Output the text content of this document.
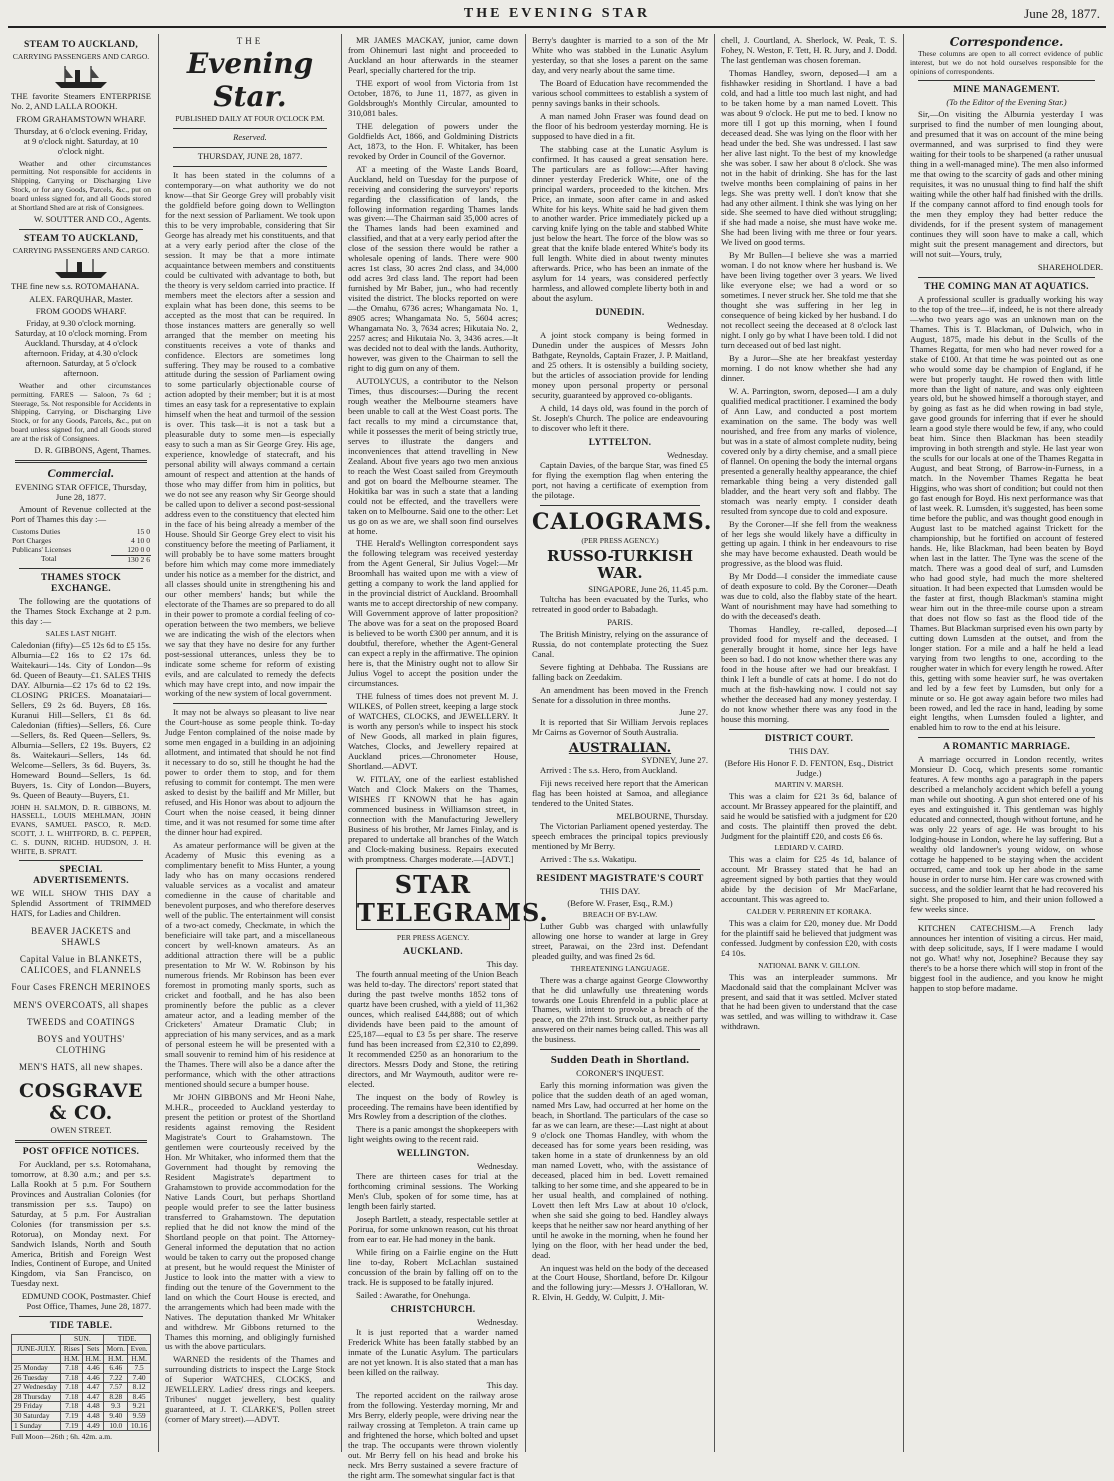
THE EVENING STAR	June 28, 1877.
STEAM TO AUCKLAND,
CARRYING PASSENGERS AND CARGO.

THE favorite Steamers ENTERPRISE No. 2, AND LALLA ROOKH.

FROM GRAHAMSTOWN WHARF.

Thursday, at 6 o'clock evening. Friday, at 9 o'clock night. Saturday, at 10 o'clock night.

Weather and other circumstances permitting. Not responsible for accidents in Shipping, Carrying or Discharging Live Stock, or for any Goods, Parcels, &c., put on board unless signed for, and all Goods stored at Shortland Shed are at risk of Consignees.

W. SOUTTER AND CO., Agents.

STEAM TO AUCKLAND,
CARRYING PASSENGERS AND CARGO.

THE fine new s.s. ROTOMAHANA.

ALEX. FARQUHAR, Master.
FROM GOODS WHARF.

Friday, at 9.30 o'clock morning. Saturday, at 10 o'clock morning. From Auckland. Thursday, at 4 o'clock afternoon. Friday, at 4.30 o'clock afternoon. Saturday, at 5 o'clock afternoon.

Weather and other circumstances permitting. FARES — Saloon, 7s 6d ; Steerage, 5s. Not responsible for Accidents in Shipping, Carrying, or Discharging Live Stock, or for any Goods, Parcels, &c., put on board unless signed for, and all Goods stored are at the risk of Consignees.

D. R. GIBBONS, Agent, Thames.

Commercial.
EVENING STAR OFFICE, Thursday, June 28, 1877.

Amount of Revenue collected at the Port of Thames this day :—

Customs Duties	15 0
Port Charges	4 10 0
Publicans' Licenses	120 0 0
Total	130 2 6
THAMES STOCK EXCHANGE.

The following are the quotations of the Thames Stock Exchange at 2 p.m. this day :—

SALES LAST NIGHT.

Caledonian (fifty)—£5 12s 6d to £5 15s. Alburnia—£2 16s to £2 17s 6d. Waitekauri—14s. City of London—9s 6d. Queen of Beauty—£1. SALES THIS DAY. Alburnia—£2 17s 6d to £2 19s. CLOSING PRICES. Moanataiari—Sellers, £9 2s 6d. Buyers, £8 16s. Kuranui Hill—Sellers, £1 8s 6d. Caledonian (fifties)—Sellers, £6. Cure—Sellers, 8s. Red Queen—Sellers, 9s. Alburnia—Sellers, £2 19s. Buyers, £2 8s. Waitekauri—Sellers, 14s 6d. Welcome—Sellers, 3s 6d. Buyers, 3s. Homeward Bound—Sellers, 1s 6d. Buyers, 1s. City of London—Buyers, 9s. Queen of Beauty—Buyers, £1.

JOHN H. SALMON, D. R. GIBBONS, M. HASSELL, LOUIS MEHLMAN, JOHN EVANS, SAMUEL PASCO, R. McD. SCOTT, J. L. WHITFORD, B. C. PEPPER, C. S. DUNN, RICHD. HUDSON, J. H. WHITE, B. SPRATT.

SPECIAL ADVERTISEMENTS.

WE WILL SHOW THIS DAY a Splendid Assortment of TRIMMED HATS, for Ladies and Children.

BEAVER JACKETS and SHAWLS
Capital Value in BLANKETS, CALICOES, and FLANNELS
Four Cases FRENCH MERINOES
MEN'S OVERCOATS, all shapes
TWEEDS and COATINGS
BOYS and YOUTHS' CLOTHING
MEN'S HATS, all new shapes.
COSGRAVE & CO.
OWEN STREET.
POST OFFICE NOTICES.

For Auckland, per s.s. Rotomahana, tomorrow, at 8.30 a.m.; and per s.s. Lalla Rookh at 5 p.m. For Southern Provinces and Australian Colonies (for transmission per s.s. Taupo) on Saturday, at 5 p.m. For Australian Colonies (for transmission per s.s. Rotorua), on Monday next. For Sandwich Islands, North and South America, British and Foreign West Indies, Continent of Europe, and United Kingdom, via San Francisco, on Tuesday next.

EDMUND COOK, Postmaster. Chief Post Office, Thames, June 28, 1877.

TIDE TABLE.
	SUN.		TIDE.	
JUNE-JULY.	Rises	Sets	Morn.	Even.
	H.M.	H.M.	H.M.	H.M.
25 Monday	7.18	4.46	6.46	7.5
26 Tuesday	7.18	4.46	7.22	7.40
27 Wednesday	7.18	4.47	7.57	8.12
28 Thursday	7.18	4.47	8.28	8.45
29 Friday	7.18	4.48	9.3	9.21
30 Saturday	7.19	4.48	9.40	9.59
1 Sunday	7.19	4.49	10.0	10.16

Full Moon—26th ; 6h. 42m. a.m.

THE
Evening Star.
PUBLISHED DAILY AT FOUR O'CLOCK P.M.
Reserved.
THURSDAY, JUNE 28, 1877.

It has been stated in the columns of a contemporary—on what authority we do not know—that Sir George Grey will probably visit the goldfield before going down to Wellington for the next session of Parliament. We took upon this to be very improbable, considering that Sir George has already met his constituents, and that at a very early period after the close of the session. It may be that a more intimate acquaintance between members and constituents could be cultivated with advantage to both, but the theory is very seldom carried into practice. If members meet the electors after a session and explain what has been done, this seems to be accepted as the most that can be required. In those instances matters are generally so well arranged that the member on meeting his constituents receives a vote of thanks and confidence. Electors are sometimes long suffering. They may be roused to a combative attitude during the session of Parliament owing to some particularly objectionable course of action adopted by their member; but it is at most times an easy task for a representative to explain himself when the heat and turmoil of the session is over. This task—it is not a task but a pleasurable duty to some men—is especially easy to such a man as Sir George Grey. His age, experience, knowledge of statecraft, and his personal ability will always command a certain amount of respect and attention at the hands of those who may differ from him in politics, but we do not see any reason why Sir George should be called upon to deliver a second post-sessional address even to the constituency that elected him in the face of his being already a member of the House. Should Sir George Grey elect to visit his constituency before the meeting of Parliament, it will probably be to have some matters brought before him which may come more immediately under his notice as a member for the district, and all classes should unite in strengthening his and our other members' hands; but while the electorate of the Thames are so prepared to do all in their power to promote a cordial feeling of co-operation between the two members, we believe we are indicating the wish of the electors when we say that they have no desire for any further post-sessional utterances, unless they be to indicate some scheme for reform of existing evils, and are calculated to remedy the defects which may have crept into, and now impair the working of the new system of local government.

It may not be always so pleasant to live near the Court-house as some people think. To-day Judge Fenton complained of the noise made by some men engaged in a building in an adjoining allotment, and intimated that should he not find it necessary to do so, still he thought he had the power to order them to stop, and for them refusing to commit for contempt. The men were asked to desist by the bailiff and Mr Miller, but refused, and His Honor was about to adjourn the Court when the noise ceased, it being dinner time, and it was not resumed for some time after the dinner hour had expired.

As amateur performance will be given at the Academy of Music this evening as a complimentary benefit to Miss Hunter, a young lady who has on many occasions rendered valuable services as a vocalist and amateur comedienne in the cause of charitable and benevolent purposes, and who therefore deserves well of the public. The entertainment will consist of a two-act comedy, Checkmate, in which the beneficiaire will take part, and a miscellaneous concert by well-known amateurs. As an additional attraction there will be a public presentation to Mr W. W. Robinson by his numerous friends. Mr Robinson has been ever foremost in promoting manly sports, such as cricket and football, and he has also been prominently before the public as a clever amateur actor, and a leading member of the Cricketers' Amateur Dramatic Club; in appreciation of his many services, and as a mark of personal esteem he will be presented with a small souvenir to remind him of his residence at the Thames. There will also be a dance after the performance, which with the other attractions mentioned should secure a bumper house.

Mr JOHN GIBBONS and Mr Heoni Nahe, M.H.R., proceeded to Auckland yesterday to present the petition or protest of the Shortland residents against removing the Resident Magistrate's Court to Grahamstown. The gentlemen were courteously received by the Hon. Mr Whitaker, who informed them that the Government had thought by removing the Resident Magistrate's department to Grahamstown to provide accommodation for the Native Lands Court, but perhaps Shortland people would prefer to see the latter business transferred to Grahamstown. The deputation replied that he did not know the mind of the Shortland people on that point. The Attorney-General informed the deputation that no action would be taken to carry out the proposed change at present, but he would request the Minister of Justice to look into the matter with a view to finding out the tenure of the Government to the land on which the Court House is erected, and the arrangements which had been made with the Natives. The deputation thanked Mr Whitaker and withdrew. Mr Gibbons returned to the Thames this morning, and obligingly furnished us with the above particulars.

WARNED the residents of the Thames and surrounding districts to inspect the Large Stock of Superior WATCHES, CLOCKS, and JEWELLERY. Ladies' dress rings and keepers. Tribunes' nugget jewellery, best quality guaranteed, at J. T. CLARKE'S, Pollen street (corner of Mary street).—ADVT.

MR JAMES MACKAY, junior, came down from Ohinemuri last night and proceeded to Auckland an hour afterwards in the steamer Pearl, specially chartered for the trip.

THE export of wool from Victoria from 1st October, 1876, to June 11, 1877, as given in Goldsbrough's Monthly Circular, amounted to 310,081 bales.

THE delegation of powers under the Goldfields Act, 1866, and Goldmining Districts Act, 1873, to the Hon. F. Whitaker, has been revoked by Order in Council of the Governor.

AT a meeting of the Waste Lands Board, Auckland, held on Tuesday for the purpose of receiving and considering the surveyors' reports regarding the classification of lands, the following information regarding Thames lands was given:—The Chairman said 35,000 acres of the Thames lands had been examined and classified, and that at a very early period after the close of the session there would be rather a wholesale opening of lands. There were 900 acres 1st class, 30 acres 2nd class, and 34,000 odd acres 3rd class land. The report had been furnished by Mr Baber, jun., who had recently visited the district. The blocks reported on were—the Omahu, 6736 acres; Whangamata No. 1, 8905 acres; Whangamata No. 5, 5604 acres; Whangamata No. 3, 7634 acres; Hikutaia No. 2, 2257 acres; and Hikutaia No. 3, 3436 acres.—It was decided not to deal with the lands. Authority, however, was given to the Chairman to sell the right to dig gum on any of them.

AUTOLYCUS, a contributor to the Nelson Times, thus discourses:—During the recent rough weather the Melbourne steamers have been unable to call at the West Coast ports. The fact recalls to my mind a circumstance that, while it possesses the merit of being strictly true, serves to illustrate the dangers and inconveniences that attend travelling in New Zealand. About five years ago two men anxious to reach the West Coast sailed from Greymouth and got on board the Melbourne steamer. The Hokitika bar was in such a state that a landing could not be effected, and the travellers were taken on to Melbourne. Said one to the other: Let us go on as we are, we shall soon find ourselves at home.

THE Herald's Wellington correspondent says the following telegram was received yesterday from the Agent General, Sir Julius Vogel:—Mr Broomhall has waited upon me with a view of getting a company to work the land applied for in the provincial district of Auckland. Broomhall wants me to accept directorship of new company. Will Government approve of latter proposition? The above was for a seat on the proposed Board is believed to be worth £300 per annum, and it is doubtful, therefore, whether the Agent-General can expect a reply in the affirmative. The opinion here is, that the Ministry ought not to allow Sir Julius Vogel to accept the position under the circumstances.

THE fulness of times does not prevent M. J. WILKES, of Pollen street, keeping a large stock of WATCHES, CLOCKS, and JEWELLERY. It is worth any person's while to inspect his stock of New Goods, all marked in plain figures, Watches, Clocks, and Jewellery repaired at Auckland prices.—Chronometer House, Shortland.—ADVT.

W. FITLAY, one of the earliest established Watch and Clock Makers on the Thames, WISHES IT KNOWN that he has again commenced business in Williamson street, in connection with the Manufacturing Jewellery Business of his brother, Mr James Finlay, and is prepared to undertake all branches of the Watch and Clock-making business. Repairs executed with promptness. Charges moderate.—[ADVT.]

STAR TELEGRAMS.
PER PRESS AGENCY.
AUCKLAND.
This day.

The fourth annual meeting of the Union Beach was held to-day. The directors' report stated that during the past twelve months 1852 tons of quartz have been crushed, with a yield of 11,362 ounces, which realised £44,888; out of which dividends have been paid to the amount of £25,187—equal to £3 5s per share. The reserve fund has been increased from £2,310 to £2,899. It recommended £250 as an honorarium to the directors. Messrs Dody and Stone, the retiring directors, and Mr Waymouth, auditor were re-elected.

The inquest on the body of Rowley is proceeding. The remains have been identified by Mrs Rowley from a description of the clothes.

There is a panic amongst the shopkeepers with light weights owing to the recent raid.

WELLINGTON.
Wednesday.

There are thirteen cases for trial at the forthcoming criminal sessions. The Working Men's Club, spoken of for some time, has at length been fairly started.

Joseph Bartlett, a steady, respectable settler at Porirua, for some unknown reason, cut his throat from ear to ear. He had money in the bank.

While firing on a Fairlie engine on the Hutt line to-day, Robert McLachlan sustained concussion of the brain by falling off on to the track. He is supposed to be fatally injured.

Sailed : Awarathe, for Onehunga.

CHRISTCHURCH.
Wednesday.

It is just reported that a warder named Frederick White has been fatally stabbed by an inmate of the Lunatic Asylum. The particulars are not yet known. It is also stated that a man has been killed on the railway.

This day.

The reported accident on the railway arose from the following. Yesterday morning, Mr and Mrs Berry, elderly people, were driving near the railway crossing at Templeton. A train came up and frightened the horse, which bolted and upset the trap. The occupants were thrown violently out. Mr Berry fell on his head and broke his neck. Mrs Berry sustained a severe fracture of the right arm. The somewhat singular fact is that

Berry's daughter is married to a son of the Mr White who was stabbed in the Lunatic Asylum yesterday, so that she loses a parent on the same day, and very nearly about the same time.

The Board of Education have recommended the various school committees to establish a system of penny savings banks in their schools.

A man named John Fraser was found dead on the floor of his bedroom yesterday morning. He is supposed to have died in a fit.

The stabbing case at the Lunatic Asylum is confirmed. It has caused a great sensation here. The particulars are as follow:—After having dinner yesterday Frederick White, one of the principal warders, proceeded to the kitchen. Mrs Price, an inmate, soon after came in and asked White for his keys. White said he had given them to another warder. Price immediately picked up a carving knife lying on the table and stabbed White just below the heart. The force of the blow was so great that the knife blade entered White's body its full length. White died in about twenty minutes afterwards. Price, who has been an inmate of the asylum for 14 years, was considered perfectly harmless, and allowed complete liberty both in and about the asylum.

DUNEDIN.
Wednesday.

A joint stock company is being formed in Dunedin under the auspices of Messrs John Bathgate, Reynolds, Captain Frazer, J. P. Maitland, and 25 others. It is ostensibly a building society, but the articles of association provide for lending money upon personal property or personal security, guaranteed by approved co-obligants.

A child, 14 days old, was found in the porch of St. Joseph's Church. The police are endeavouring to discover who left it there.

LYTTELTON.
Wednesday.

Captain Davies, of the barque Star, was fined £5 for flying the exemption flag when entering the port, not having a certificate of exemption from the pilotage.

CALOGRAMS.
(PER PRESS AGENCY.)
RUSSO-TURKISH WAR.
SINGAPORE, June 26, 11.45 p.m.

Tultcha has been evacuated by the Turks, who retreated in good order to Babadagh.

PARIS.

The British Ministry, relying on the assurance of Russia, do not contemplate protecting the Suez Canal.

Severe fighting at Dehbaba. The Russians are falling back on Zeedakim.

An amendment has been moved in the French Senate for a dissolution in three months.

June 27.

It is reported that Sir William Jervois replaces Mr Cairns as Governor of South Australia.

AUSTRALIAN.
SYDNEY, June 27.

Arrived : The s.s. Hero, from Auckland.

Fiji news received here report that the American flag has been hoisted at Samoa, and allegiance tendered to the United States.

MELBOURNE, Thursday.

The Victorian Parliament opened yesterday. The speech embraces the principal topics previously mentioned by Mr Berry.

Arrived : The s.s. Wakatipu.

RESIDENT MAGISTRATE'S COURT
THIS DAY.
(Before W. Fraser, Esq., R.M.)
BREACH OF BY-LAW.

Luther Gubb was charged with unlawfully allowing one horse to wander at large in Grey street, Parawai, on the 23rd inst. Defendant pleaded guilty, and was fined 2s 6d.

THREATENING LANGUAGE.

There was a charge against George Clowworthy that he did unlawfully use threatening words towards one Louis Ehrenfeld in a public place at Thames, with intent to provoke a breach of the peace, on the 27th inst. Struck out, as neither party answered on their names being called. This was all the business.

Sudden Death in Shortland.
CORONER'S INQUEST.

Early this morning information was given the police that the sudden death of an aged woman, named Mrs Law, had occurred at her home on the beach, in Shortland. The particulars of the case so far as we can learn, are these:—Last night at about 9 o'clock one Thomas Handley, with whom the deceased has for some years been residing, was taken home in a state of drunkenness by an old man named Lovett, who, with the assistance of deceased, placed him in bed. Lovett remained talking to her some time, and she appeared to be in her usual health, and complained of nothing. Lovett then left Mrs Law at about 10 o'clock, when she said she going to bed. Handley always keeps that he neither saw nor heard anything of her until he awoke in the morning, when he found her lying on the floor, with her head under the bed, dead.

An inquest was held on the body of the deceased at the Court House, Shortland, before Dr. Kilgour and the following jury:—Messrs J. O'Halloran, W. R. Elvin, H. Geddy, W. Culpitt, J. Mit-

chell, J. Courtland, A. Sherlock, W. Peak, T. S. Fohey, N. Weston, F. Tett, H. R. Jury, and J. Dodd. The last gentleman was chosen foreman.

Thomas Handley, sworn, deposed—I am a fishhawker residing in Shortland. I have a bad cold, and had a little too much last night, and had to be taken home by a man named Lovett. This was about 9 o'clock. He put me to bed. I know no more till I got up this morning, when I found deceased dead. She was lying on the floor with her head under the bed. She was undressed. I last saw her alive last night. To the best of my knowledge she was sober. I saw her about 8 o'clock. She was not in the habit of drinking. She has for the last twelve months been complaining of pains in her legs. She was pretty well. I don't know that she had any other ailment. I think she was lying on her side. She seemed to have died without struggling; if she had made a noise, she must have woke me. She had been living with me three or four years. We lived on good terms.

By Mr Bullen—I believe she was a married woman. I do not know where her husband is. We have been living together over 3 years. We lived like everyone else; we had a word or so sometimes. I never struck her. She told me that she thought she was suffering in her leg in consequence of being kicked by her husband. I do not recollect seeing the deceased at 8 o'clock last night. I only go by what I have been told. I did not turn deceased out of bed last night.

By a Juror—She ate her breakfast yesterday morning. I do not know whether she had any dinner.

W. A. Parrington, sworn, deposed—I am a duly qualified medical practitioner. I examined the body of Ann Law, and conducted a post mortem examination on the same. The body was well nourished, and free from any marks of violence, but was in a state of almost complete nudity, being covered only by a dirty chemise, and a small piece of flannel. On opening the body the internal organs presented a generally healthy appearance, the chief remarkable thing being a very distended gall bladder, and the heart very soft and flabby. The stomach was nearly empty. I consider death resulted from syncope due to cold and exposure.

By the Coroner—If she fell from the weakness of her legs she would likely have a difficulty in getting up again. I think in her endeavours to rise she may have become exhausted. Death would be progressive, as the blood was fluid.

By Mr Dodd—I consider the immediate cause of death exposure to cold. By the Coroner—Death was due to cold, also the flabby state of the heart. Want of nourishment may have had something to do with the deceased's death.

Thomas Handley, re-called, deposed—I provided food for myself and the deceased. I generally brought it home, since her legs have been so bad. I do not know whether there was any food in the house after we had our breakfast. I think I left a bundle of cats at home. I do not do much at the fish-hawking now. I could not say whether the deceased had any money yesterday. I do not know whether there was any food in the house this morning.

DISTRICT COURT.
THIS DAY.
(Before His Honor F. D. FENTON, Esq., District Judge.)
MARTIN V. MARSH.

This was a claim for £21 3s 6d, balance of account. Mr Brassey appeared for the plaintiff, and said he would be satisfied with a judgment for £20 and costs. The plaintiff then proved the debt. Judgment for the plaintiff £20, and costs £6 6s.

LEDIARD V. CAIRD.

This was a claim for £25 4s 1d, balance of account. Mr Brassey stated that he had an agreement signed by both parties that they would abide by the decision of Mr MacFarlane, accountant. This was agreed to.

CALDER V. PERRENIN ET KORAKA.

This was a claim for £20, money due. Mr Dodd for the plaintiff said he believed that judgment was confessed. Judgment by confession £20, with costs £4 10s.

NATIONAL BANK V. GILLON.

This was an interpleader summons. Mr Macdonald said that the complainant McIver was present, and said that it was settled. McIver stated that he had been given to understand that the case was settled, and was willing to withdraw it. Case withdrawn.

Correspondence.

These columns are open to all correct evidence of public interest, but we do not hold ourselves responsible for the opinions of correspondents.

MINE MANAGEMENT.
(To the Editor of the Evening Star.)

Sir,—On visiting the Alburnia yesterday I was surprised to find the number of men lounging about, and presumed that it was on account of the mine being overmanned, and was surprised to find they were waiting for their tools to be sharpened (a rather unusual thing in a well-managed mine). The men also informed me that owing to the scarcity of gads and other mining requisites, it was no unusual thing to find half the shift waiting while the other half had finished with the drills. If the company cannot afford to find enough tools for the men they employ they had better reduce the dividends, for if the present system of management continues they will soon have to make a call, which might suit the present management and directors, but will not suit—Yours, truly,

SHAREHOLDER.

THE COMING MAN AT AQUATICS.

A professional sculler is gradually working his way to the top of the tree—if, indeed, he is not there already—who two years ago was an unknown man on the Thames. This is T. Blackman, of Dulwich, who in August, 1875, made his debut in the Sculls of the Thames Regatta, for men who had never rowed for a stake of £100. At that time he was pointed out as one who would some day be champion of England, if he were but properly taught. He rowed then with little more than the light of nature, and was only eighteen years old, but he showed himself a thorough stayer, and by going as fast as he did when rowing in bad style, gave good grounds for inferring that if ever he should learn a good style there would be few, if any, who could beat him. Since then Blackman has been steadily improving in both strength and style. He last year won the sculls for our locals at one of the Thames Regatta in August, and beat Strong, of Barrow-in-Furness, in a match. In the November Thames Regatta he beat Higgins, who was short of condition; but could not then go fast enough for Boyd. His next performance was that of last week. R. Lumsden, it's suggested, has been some time before the public, and was thought good enough in August last to be matched against Trickett for the championship, but he fortified on account of festered hands. He, like Blackman, had been beaten by Boyd when last in the latter. The Tyne was the scene of the match. There was a good deal of surf, and Lumsden who had good style, had much the more sheltered situation. It had been expected that Lumsden would be the faster at first, though Blackman's stamina might wear him out in the three-mile course upon a stream that does not flow so fast as the flood tide of the Thames. But Blackman surprised even his own party by cutting down Lumsden at the outset, and from the longer station. For a mile and a half he held a lead varying from two lengths to one, according to the rougher water in which for every length he rowed. After this, getting with some heavier surf, he was overtaken and led by a few feet by Lumsden, but only for a minute or so. He got away again before two miles had been rowed, and led the race in hand, leading by some eight lengths, when Lumsden fouled a lighter, and enabled him to row to the end at his leisure.

A ROMANTIC MARRIAGE.

A marriage occurred in London recently, writes Monsieur D. Cocq, which presents some romantic features. A few months ago a paragraph in the papers described a melancholy accident which befell a young man while out shooting. A gun shot entered one of his eyes and extinguished it. This gentleman was highly educated and connected, though without fortune, and he was only 22 years of age. He was brought to his lodging-house in London, where he lay suffering. But a wealthy old landowner's young widow, on whose cottage he happened to be staying when the accident occurred, came and took up her abode in the same house in order to nurse him. Her care was crowned with success, and the soldier learnt that he had recovered his sight. She proposed to him, and their union followed a few weeks since.

KITCHEN CATECHISM.—A French lady announces her intention of visiting a circus. Her maid, with deep solicitude, says, If I were madame I would not go. What! why not, Josephine? Because they say there's to be a horse there which will stop in front of the biggest fool in the audience, and you know he might happen to stop before madame.
